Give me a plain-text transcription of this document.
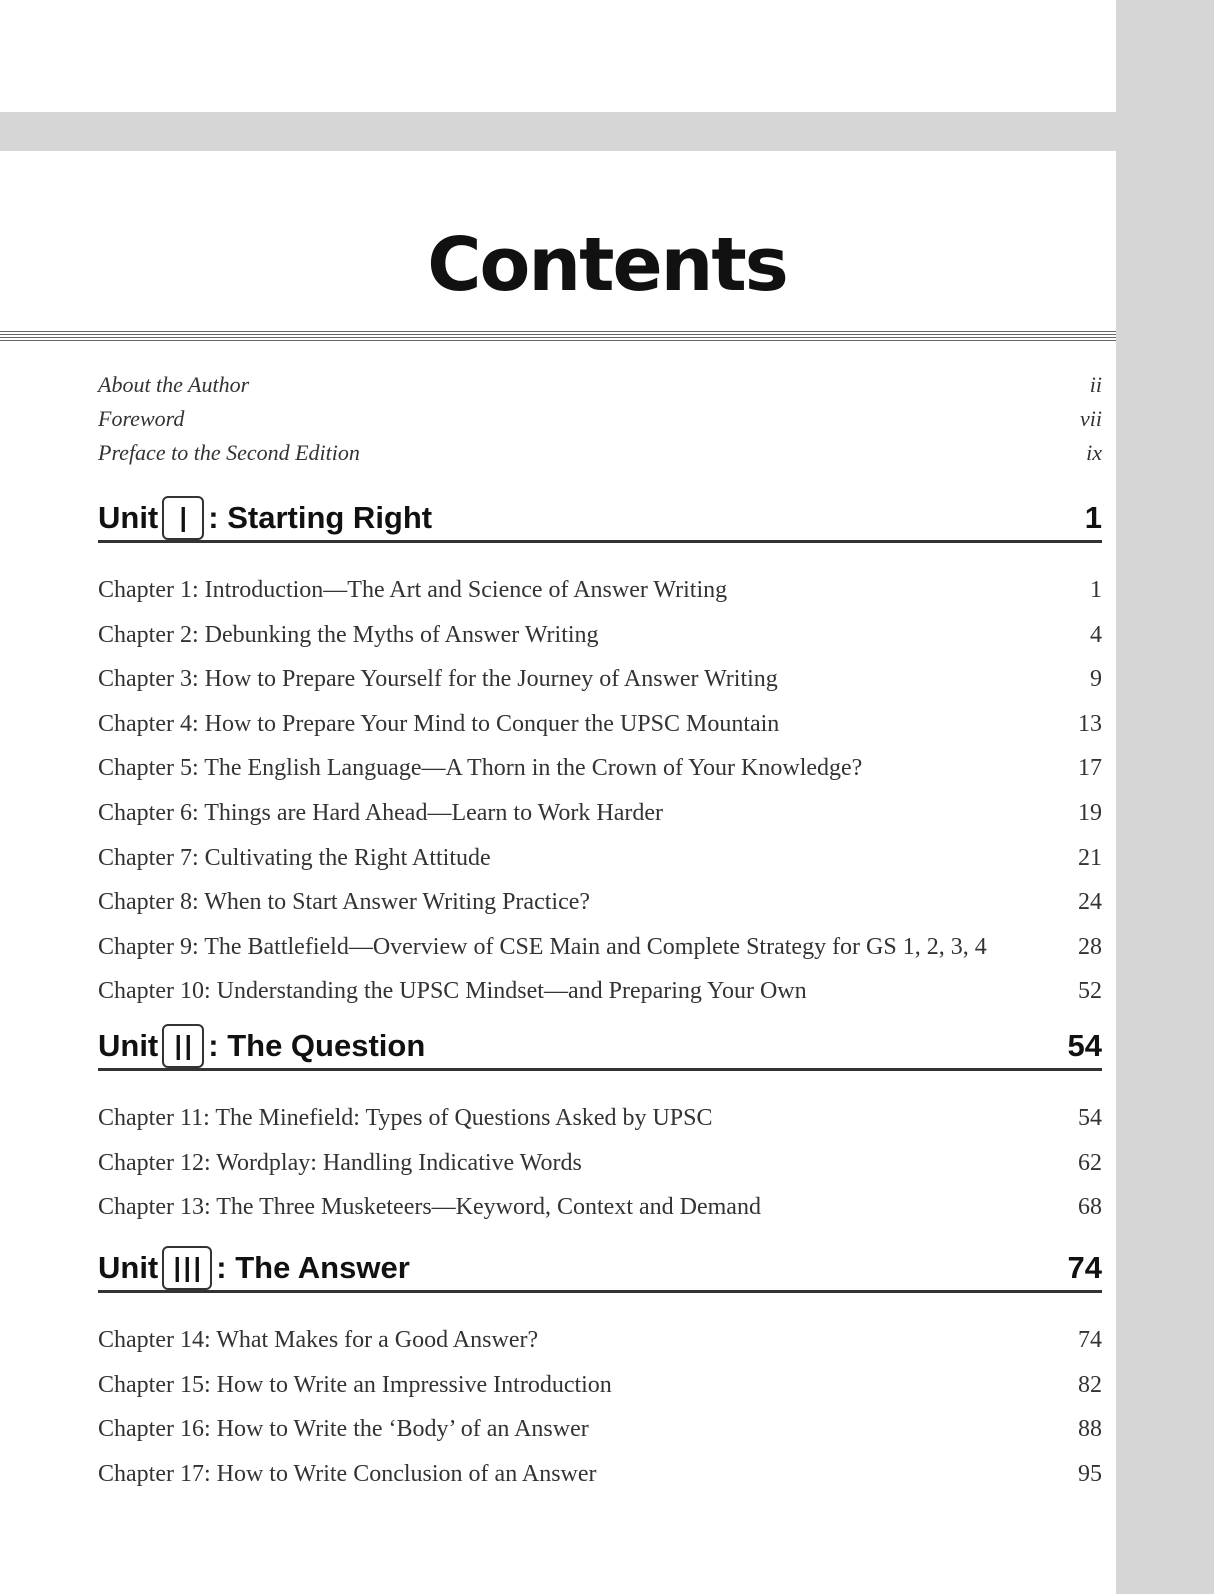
Contents
About the Author	ii
Foreword	vii
Preface to the Second Edition	ix
Unit I : Starting Right	1
Chapter 1: Introduction—The Art and Science of Answer Writing	1
Chapter 2: Debunking the Myths of Answer Writing	4
Chapter 3: How to Prepare Yourself for the Journey of Answer Writing	9
Chapter 4: How to Prepare Your Mind to Conquer the UPSC Mountain	13
Chapter 5: The English Language—A Thorn in the Crown of Your Knowledge?	17
Chapter 6: Things are Hard Ahead—Learn to Work Harder	19
Chapter 7: Cultivating the Right Attitude	21
Chapter 8: When to Start Answer Writing Practice?	24
Chapter 9: The Battlefield—Overview of CSE Main and Complete Strategy for GS 1, 2, 3, 4	28
Chapter 10: Understanding the UPSC Mindset—and Preparing Your Own	52
Unit II : The Question	54
Chapter 11: The Minefield: Types of Questions Asked by UPSC	54
Chapter 12: Wordplay: Handling Indicative Words	62
Chapter 13: The Three Musketeers—Keyword, Context and Demand	68
Unit III : The Answer	74
Chapter 14: What Makes for a Good Answer?	74
Chapter 15: How to Write an Impressive Introduction	82
Chapter 16: How to Write the ‘Body’ of an Answer	88
Chapter 17: How to Write Conclusion of an Answer	95
